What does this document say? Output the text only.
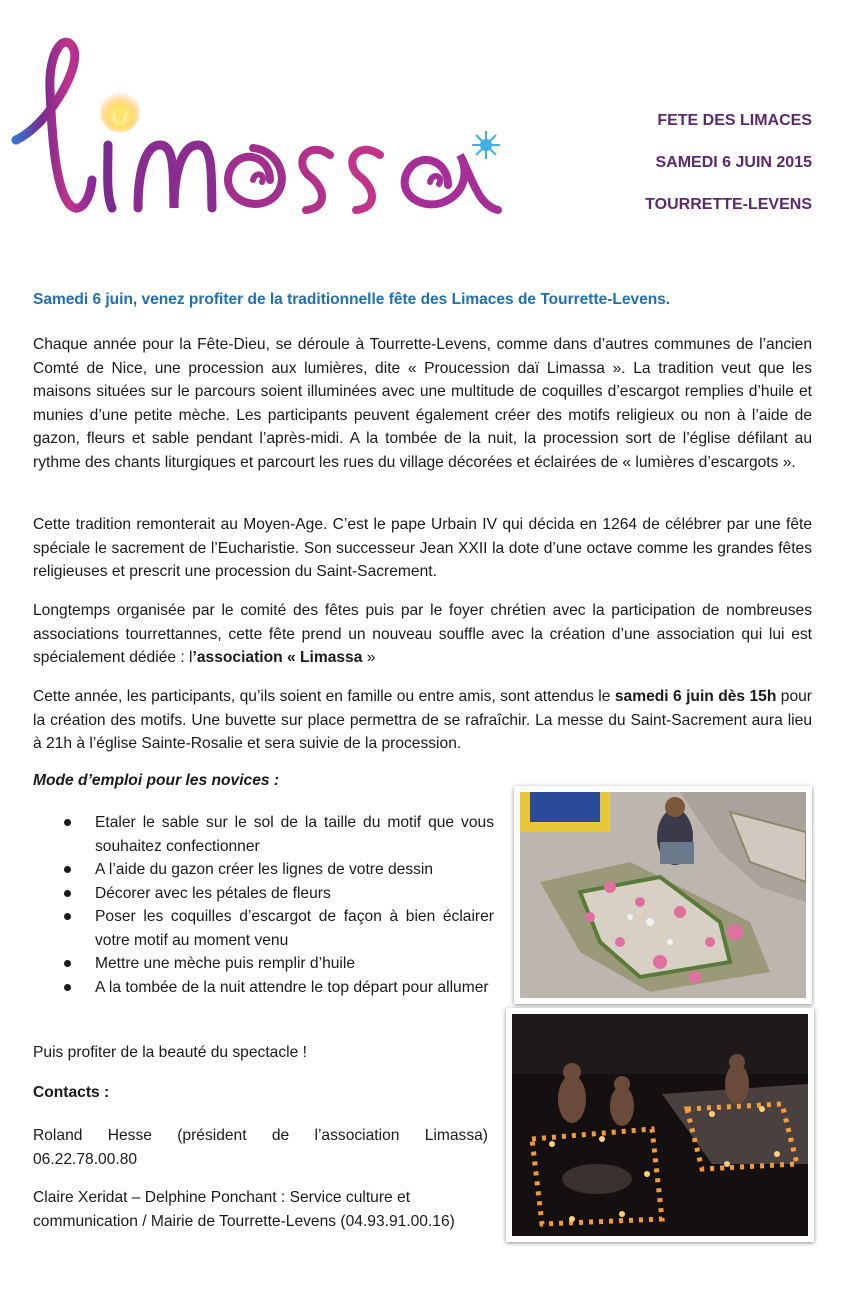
FETE DES LIMACES
SAMEDI 6 JUIN 2015
TOURRETTE-LEVENS
Samedi 6 juin, venez profiter de la traditionnelle fête des Limaces de Tourrette-Levens.

Chaque année pour la Fête-Dieu, se déroule à Tourrette-Levens, comme dans d’autres communes de l’ancien Comté de Nice, une procession aux lumières, dite « Proucession daï Limassa ». La tradition veut que les maisons situées sur le parcours soient illuminées avec une multitude de coquilles d’escargot remplies d’huile et munies d’une petite mèche. Les participants peuvent également créer des motifs religieux ou non à l’aide de gazon, fleurs et sable pendant l’après-midi. A la tombée de la nuit, la procession sort de l’église défilant au rythme des chants liturgiques et parcourt les rues du village décorées et éclairées de « lumières d’escargots ».

Cette tradition remonterait au Moyen-Age. C’est le pape Urbain IV qui décida en 1264 de célébrer par une fête spéciale le sacrement de l’Eucharistie. Son successeur Jean XXII la dote d’une octave comme les grandes fêtes religieuses et prescrit une procession du Saint-Sacrement.

Longtemps organisée par le comité des fêtes puis par le foyer chrétien avec la participation de nombreuses associations tourrettannes, cette fête prend un nouveau souffle avec la création d’une association qui lui est spécialement dédiée : l’association « Limassa »

Cette année, les participants, qu’ils soient en famille ou entre amis, sont attendus le samedi 6 juin dès 15h pour la création des motifs. Une buvette sur place permettra de se rafraîchir. La messe du Saint-Sacrement aura lieu à 21h à l’église Sainte-Rosalie et sera suivie de la procession.

Mode d’emploi pour les novices :
Etaler le sable sur le sol de la taille du motif que vous souhaitez confectionner
A l’aide du gazon créer les lignes de votre dessin
Décorer avec les pétales de fleurs
Poser les coquilles d’escargot de façon à bien éclairer votre motif au moment venu
Mettre une mèche puis remplir d’huile
A la tombée de la nuit attendre le top départ pour allumer
Puis profiter de la beauté du spectacle !
Contacts :
Roland Hesse (président de l’association Limassa) 06.22.78.00.80
Claire Xeridat – Delphine Ponchant : Service culture et communication / Mairie de Tourrette-Levens (04.93.91.00.16)
